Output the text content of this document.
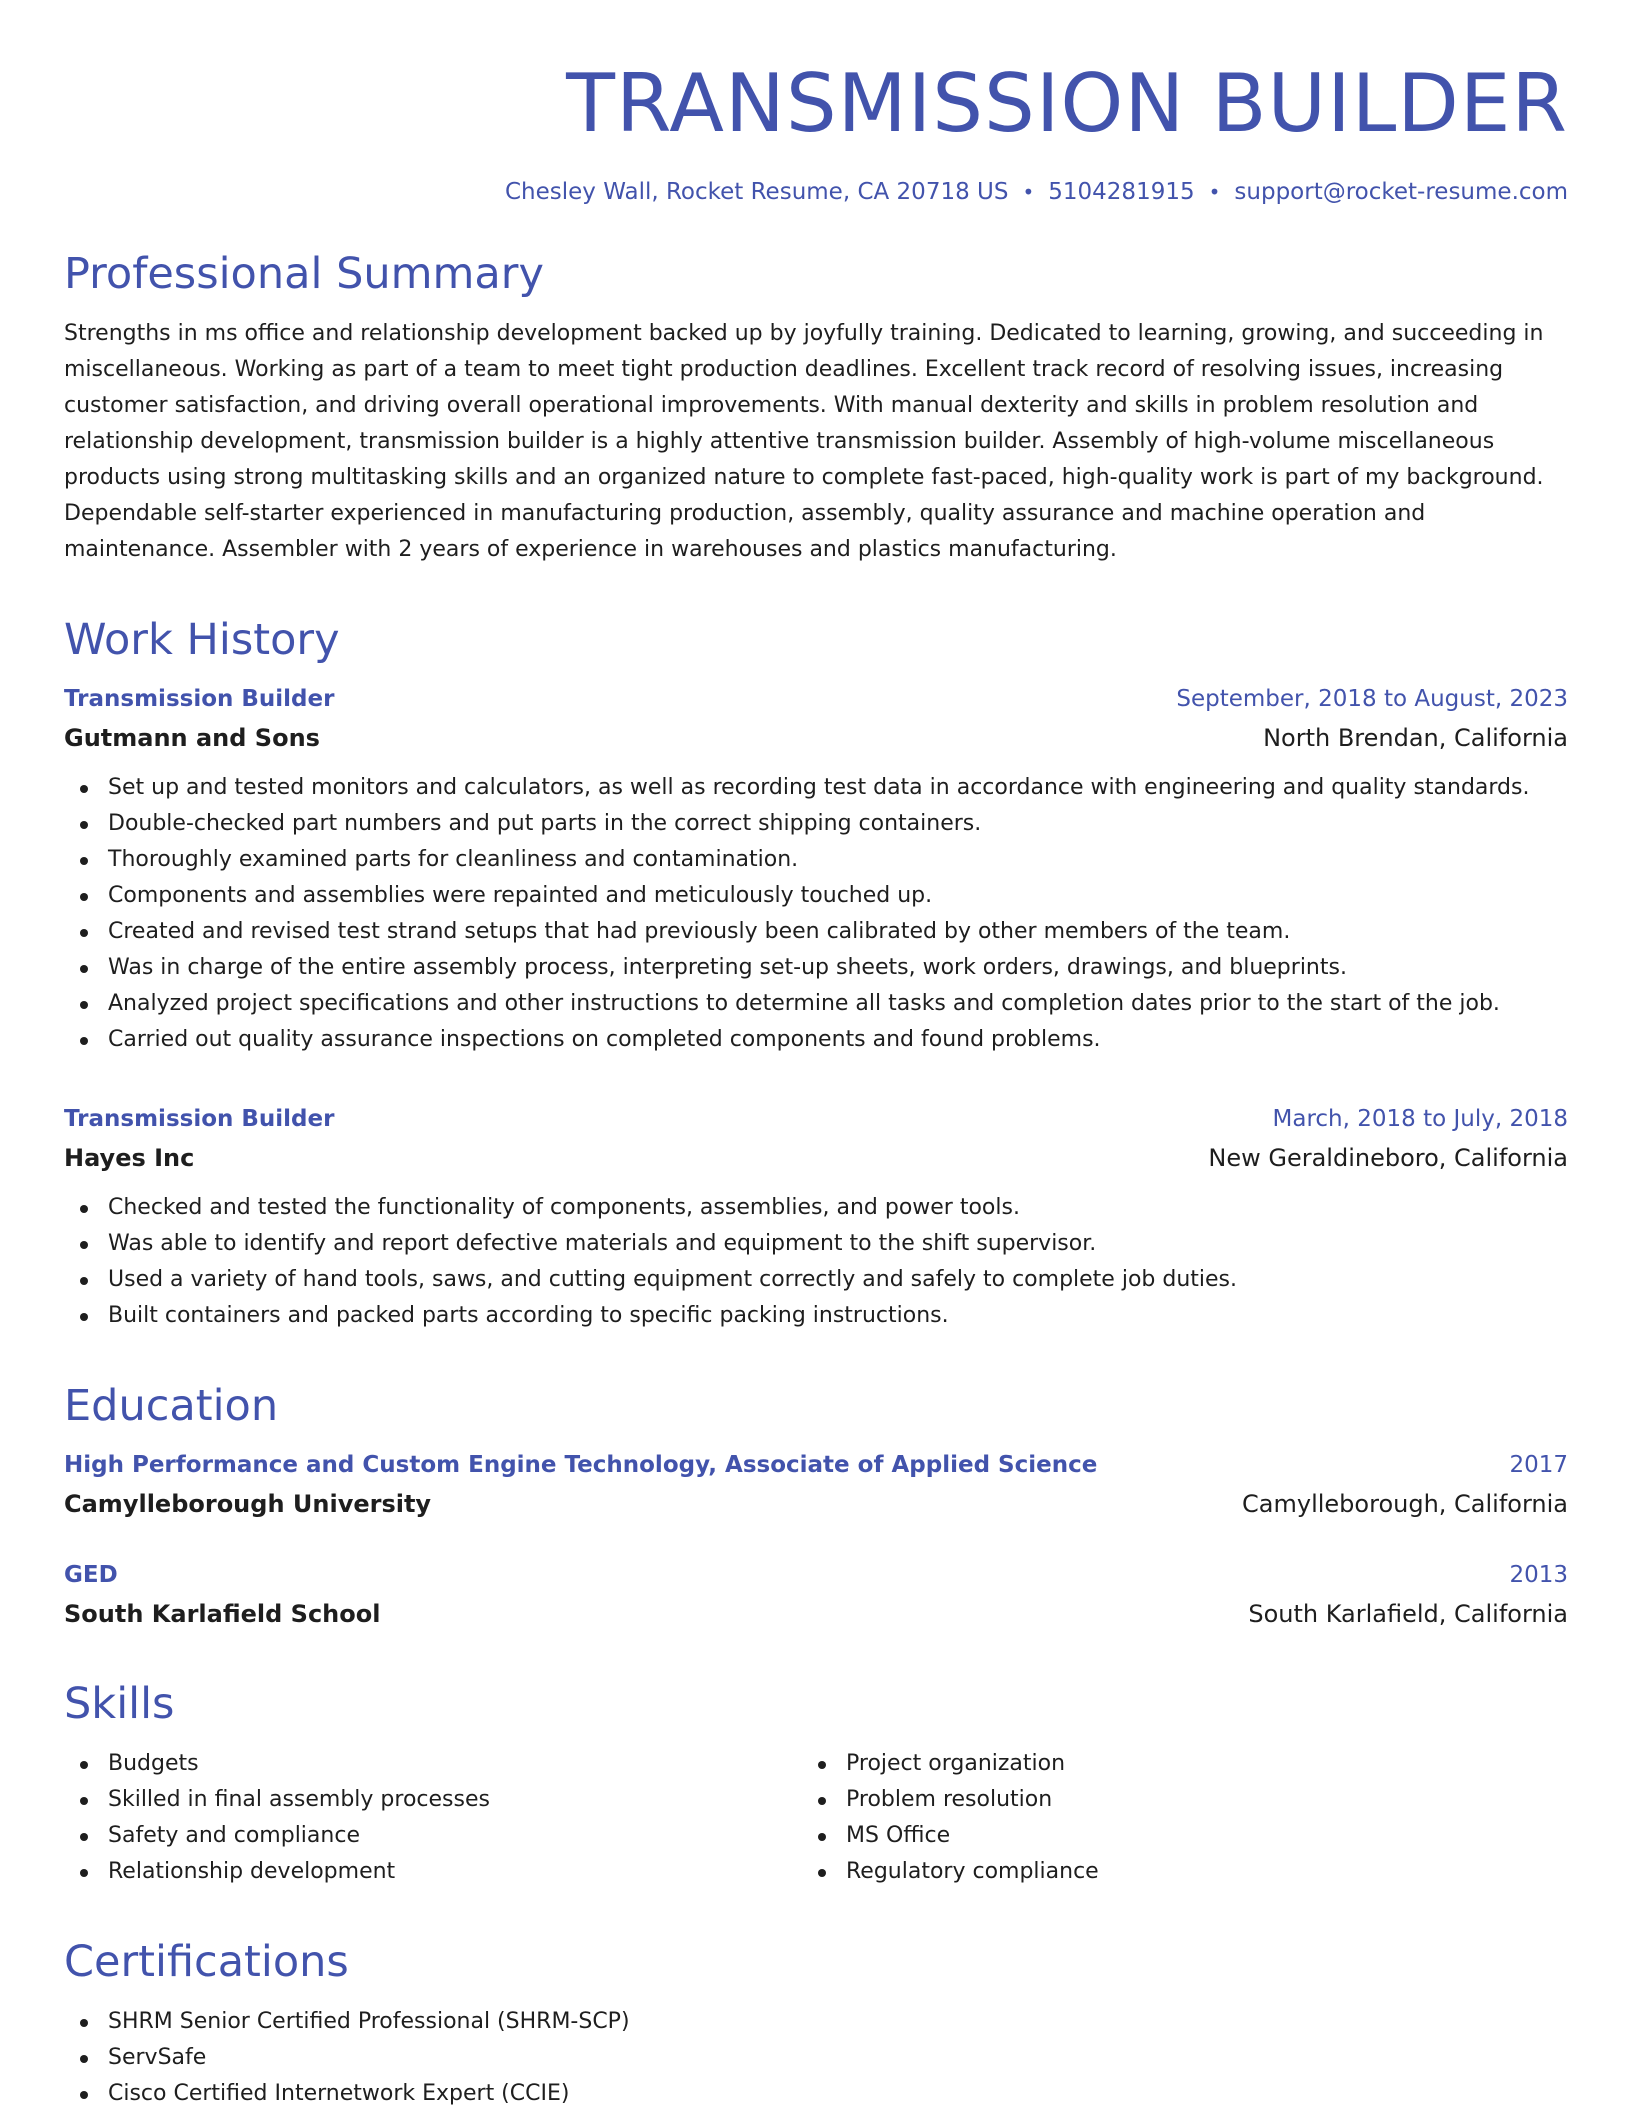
TRANSMISSION BUILDER
Chesley Wall, Rocket Resume, CA 20718 US • 5104281915 • support@rocket-resume.com
Professional Summary

Strengths in ms office and relationship development backed up by joyfully training. Dedicated to learning, growing, and succeeding in miscellaneous. Working as part of a team to meet tight production deadlines. Excellent track record of resolving issues, increasing customer satisfaction, and driving overall operational improvements. With manual dexterity and skills in problem resolution and relationship development, transmission builder is a highly attentive transmission builder. Assembly of high-volume miscellaneous products using strong multitasking skills and an organized nature to complete fast-paced, high-quality work is part of my background. Dependable self-starter experienced in manufacturing production, assembly, quality assurance and machine operation and maintenance. Assembler with 2 years of experience in warehouses and plastics manufacturing.

Work History
Transmission Builder	September, 2018 to August, 2023
Gutmann and Sons	North Brendan, California
Set up and tested monitors and calculators, as well as recording test data in accordance with engineering and quality standards.
Double-checked part numbers and put parts in the correct shipping containers.
Thoroughly examined parts for cleanliness and contamination.
Components and assemblies were repainted and meticulously touched up.
Created and revised test strand setups that had previously been calibrated by other members of the team.
Was in charge of the entire assembly process, interpreting set-up sheets, work orders, drawings, and blueprints.
Analyzed project specifications and other instructions to determine all tasks and completion dates prior to the start of the job.
Carried out quality assurance inspections on completed components and found problems.
Transmission Builder	March, 2018 to July, 2018
Hayes Inc	New Geraldineboro, California
Checked and tested the functionality of components, assemblies, and power tools.
Was able to identify and report defective materials and equipment to the shift supervisor.
Used a variety of hand tools, saws, and cutting equipment correctly and safely to complete job duties.
Built containers and packed parts according to specific packing instructions.
Education
High Performance and Custom Engine Technology, Associate of Applied Science	2017
Camylleborough University	Camylleborough, California
GED	2013
South Karlafield School	South Karlafield, California
Skills
Budgets
Skilled in final assembly processes
Safety and compliance
Relationship development
Project organization
Problem resolution
MS Office
Regulatory compliance
Certifications
SHRM Senior Certified Professional (SHRM-SCP)
ServSafe
Cisco Certified Internetwork Expert (CCIE)
